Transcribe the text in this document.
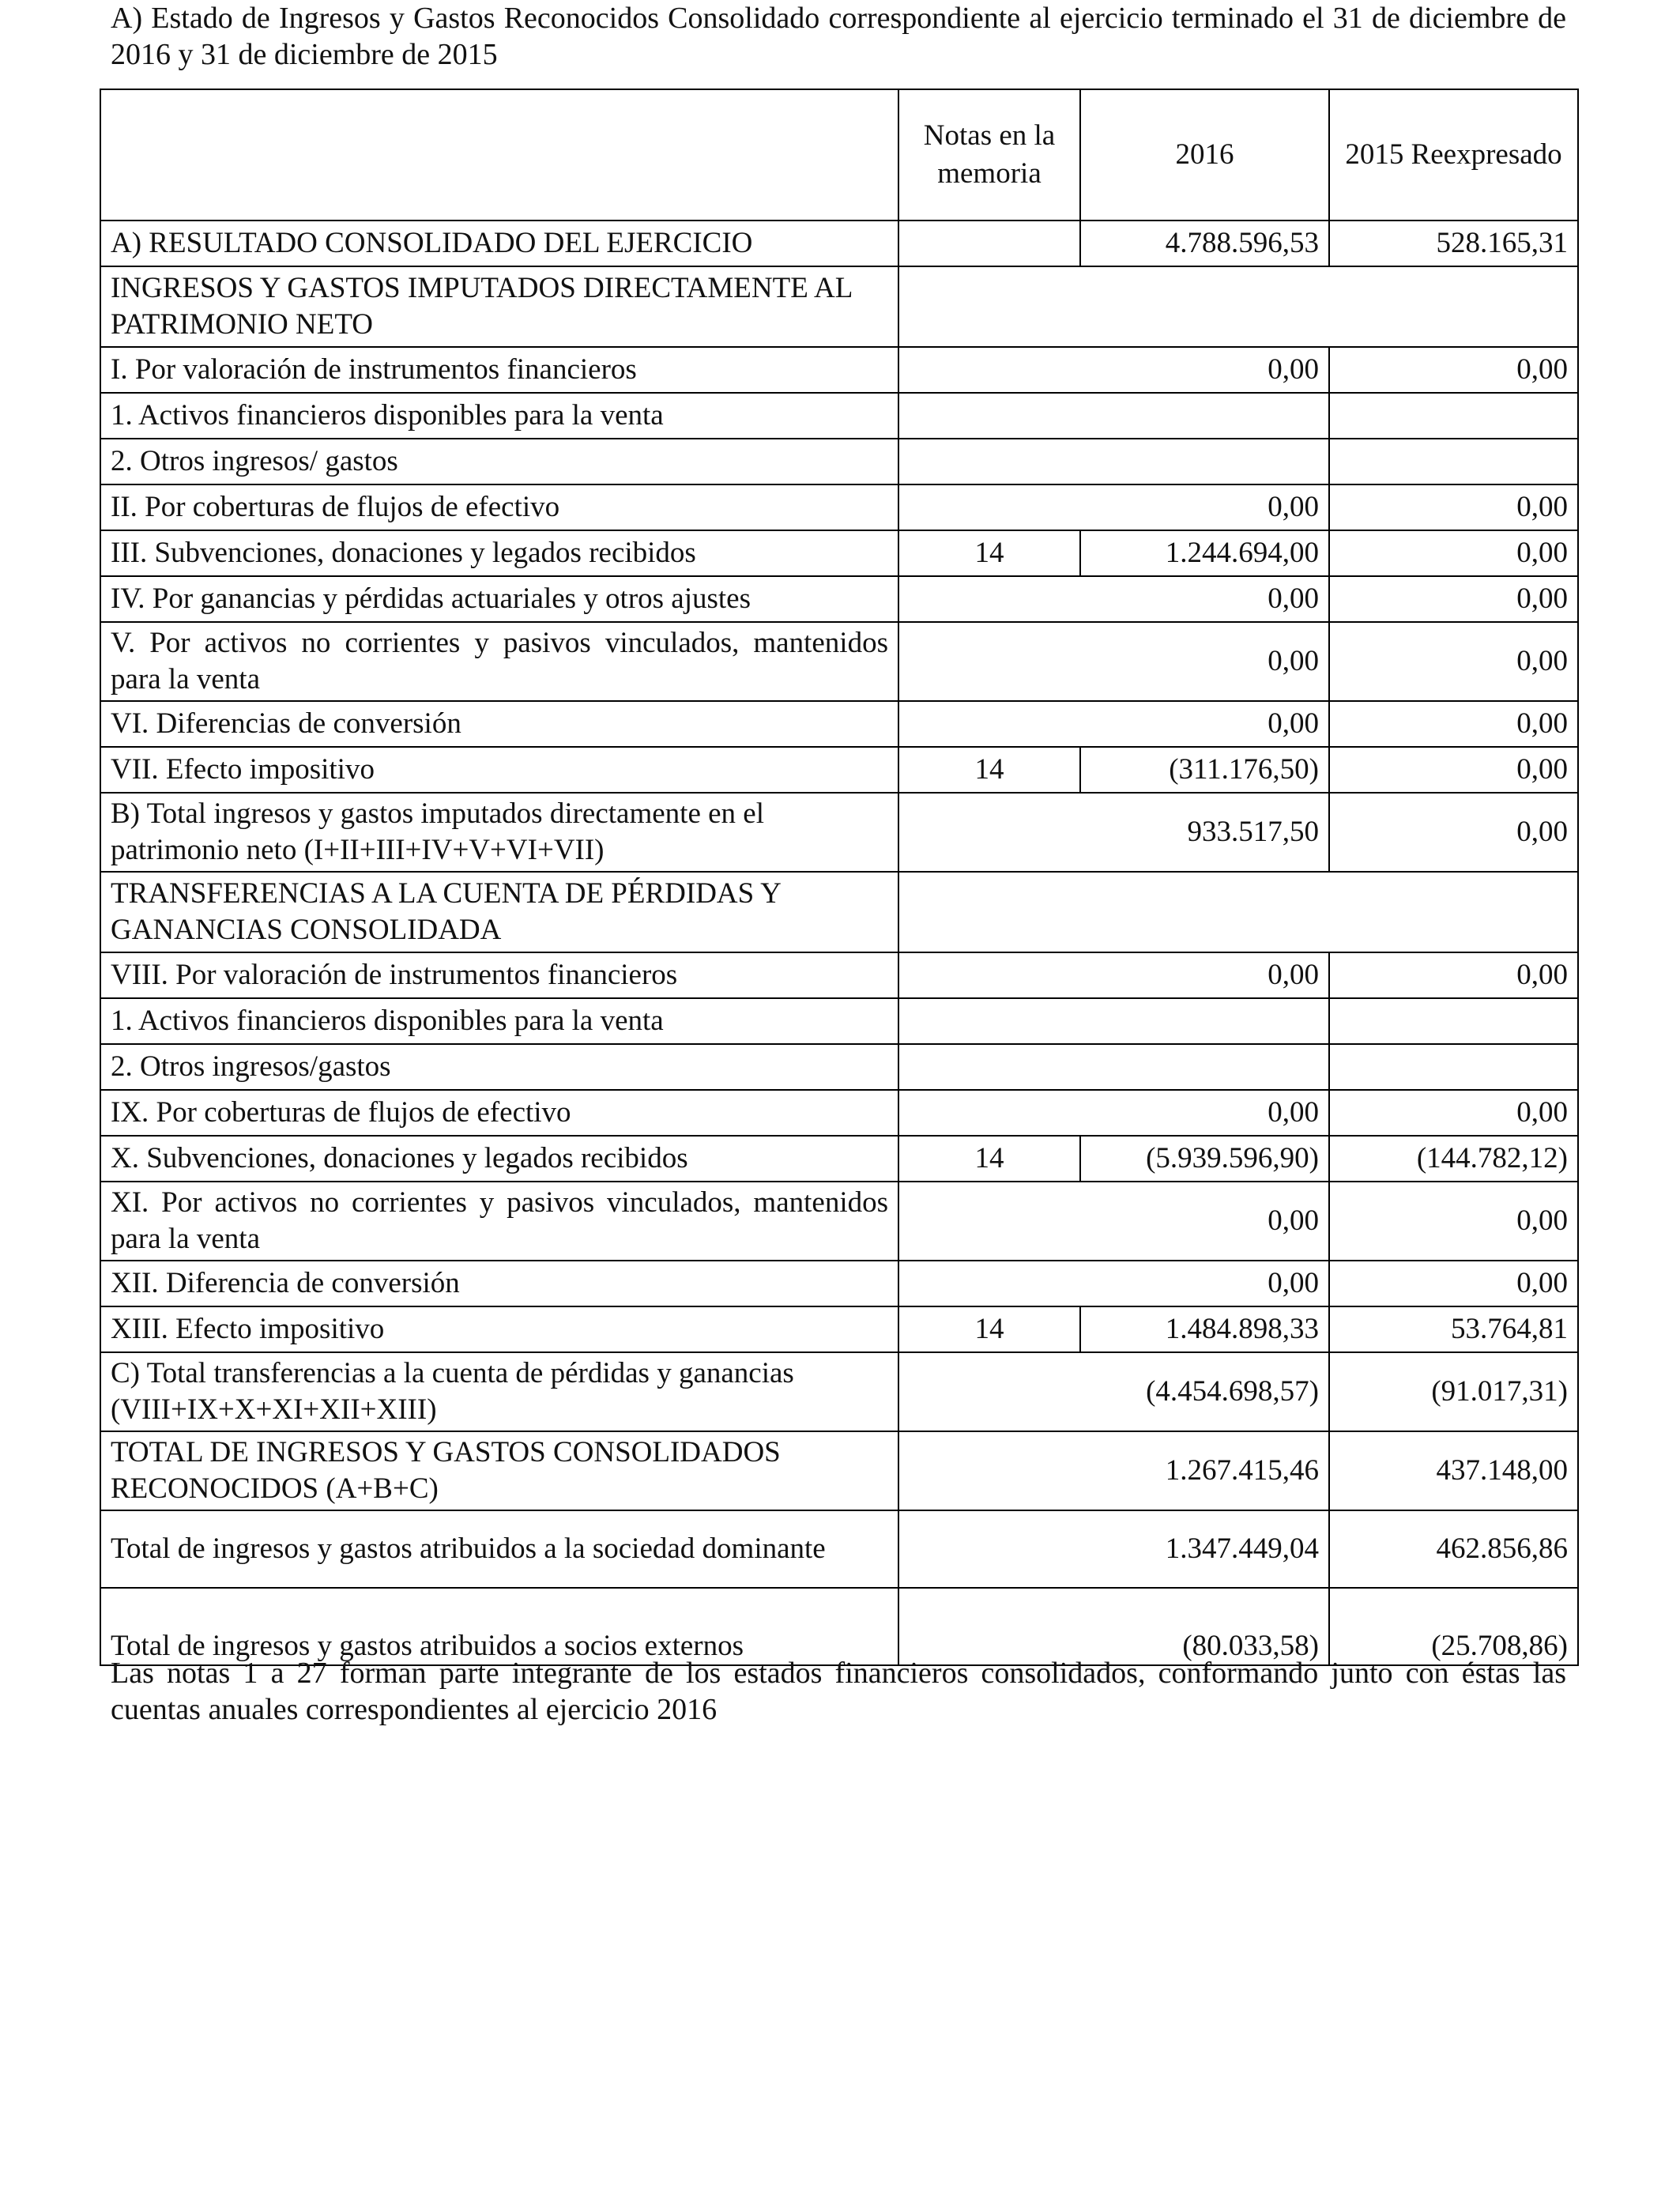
A) Estado de Ingresos y Gastos Reconocidos Consolidado correspondiente al ejercicio terminado el 31 de diciembre de 2016 y 31 de diciembre de 2015
	Notas en la memoria	2016	2015 Reexpresado
A) RESULTADO CONSOLIDADO DEL EJERCICIO		4.788.596,53	528.165,31
INGRESOS Y GASTOS IMPUTADOS DIRECTAMENTE AL PATRIMONIO NETO			
I. Por valoración de instrumentos financieros	0,00		0,00
1. Activos financieros disponibles para la venta			
2. Otros ingresos/ gastos			
II. Por coberturas de flujos de efectivo	0,00		0,00
III. Subvenciones, donaciones y legados recibidos	14	1.244.694,00	0,00
IV. Por ganancias y pérdidas actuariales y otros ajustes	0,00		0,00
V. Por activos no corrientes y pasivos vinculados, mantenidos para la venta	0,00		0,00
VI. Diferencias de conversión	0,00		0,00
VII. Efecto impositivo	14	(311.176,50)	0,00
B) Total ingresos y gastos imputados directamente en el patrimonio neto (I+II+III+IV+V+VI+VII)	933.517,50		0,00
TRANSFERENCIAS A LA CUENTA DE PÉRDIDAS Y GANANCIAS CONSOLIDADA			
VIII. Por valoración de instrumentos financieros	0,00		0,00
1. Activos financieros disponibles para la venta			
2. Otros ingresos/gastos			
IX. Por coberturas de flujos de efectivo	0,00		0,00
X. Subvenciones, donaciones y legados recibidos	14	(5.939.596,90)	(144.782,12)
XI. Por activos no corrientes y pasivos vinculados, mantenidos para la venta	0,00		0,00
XII. Diferencia de conversión	0,00		0,00
XIII. Efecto impositivo	14	1.484.898,33	53.764,81
C) Total transferencias a la cuenta de pérdidas y ganancias (VIII+IX+X+XI+XII+XIII)	(4.454.698,57)		(91.017,31)
TOTAL DE INGRESOS Y GASTOS CONSOLIDADOS RECONOCIDOS (A+B+C)	1.267.415,46		437.148,00
Total de ingresos y gastos atribuidos a la sociedad dominante	1.347.449,04		462.856,86
Total de ingresos y gastos atribuidos a socios externos	(80.033,58)		(25.708,86)
Las notas 1 a 27 forman parte integrante de los estados financieros consolidados, conformando junto con éstas las cuentas anuales correspondientes al ejercicio 2016
